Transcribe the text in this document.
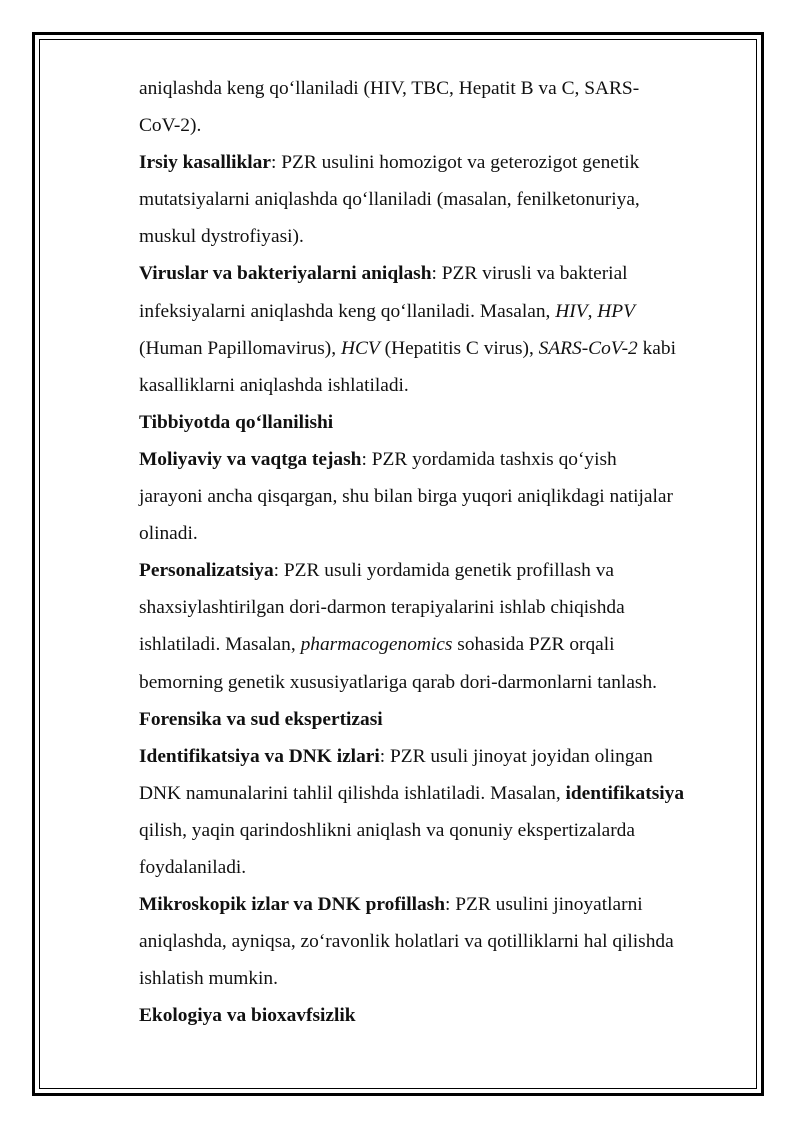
aniqlashda keng qo‘llaniladi (HIV, TBC, Hepatit B va C, SARS-

CoV-2).

Irsiy kasalliklar: PZR usulini homozigot va geterozigot genetik

mutatsiyalarni aniqlashda qo‘llaniladi (masalan, fenilketonuriya,

muskul dystrofiyasi).

Viruslar va bakteriyalarni aniqlash: PZR virusli va bakterial

infeksiyalarni aniqlashda keng qo‘llaniladi. Masalan, HIV, HPV

(Human Papillomavirus), HCV (Hepatitis C virus), SARS-CoV-2 kabi

kasalliklarni aniqlashda ishlatiladi.

Tibbiyotda qo‘llanilishi

Moliyaviy va vaqtga tejash: PZR yordamida tashxis qo‘yish

jarayoni ancha qisqargan, shu bilan birga yuqori aniqlikdagi natijalar

olinadi.

Personalizatsiya: PZR usuli yordamida genetik profillash va

shaxsiylashtirilgan dori-darmon terapiyalarini ishlab chiqishda

ishlatiladi. Masalan, pharmacogenomics sohasida PZR orqali

bemorning genetik xususiyatlariga qarab dori-darmonlarni tanlash.

Forensika va sud ekspertizasi

Identifikatsiya va DNK izlari: PZR usuli jinoyat joyidan olingan

DNK namunalarini tahlil qilishda ishlatiladi. Masalan, identifikatsiya

qilish, yaqin qarindoshlikni aniqlash va qonuniy ekspertizalarda

foydalaniladi.

Mikroskopik izlar va DNK profillash: PZR usulini jinoyatlarni

aniqlashda, ayniqsa, zo‘ravonlik holatlari va qotilliklarni hal qilishda

ishlatish mumkin.

Ekologiya va bioxavfsizlik
